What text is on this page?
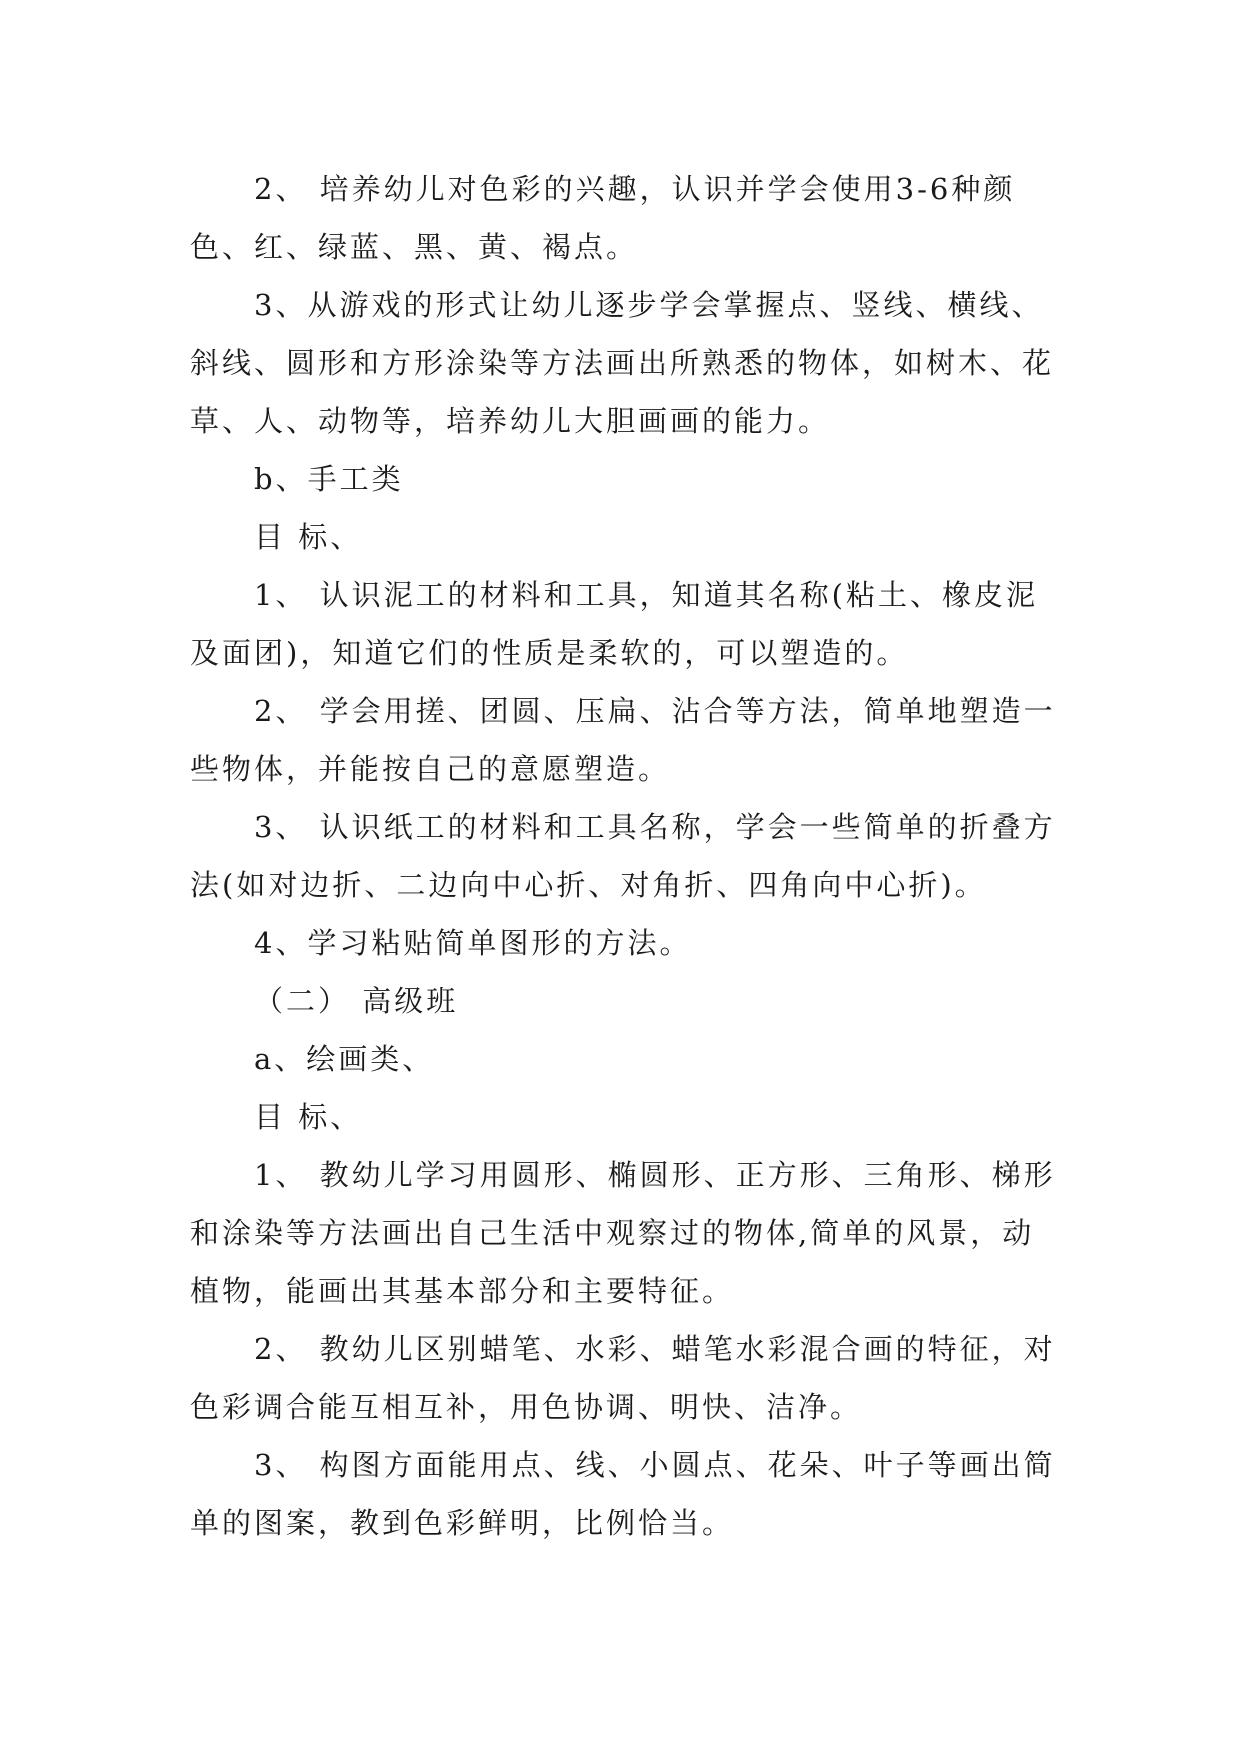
2、 培养幼儿对色彩的兴趣，认识并学会使用3-6种颜色、红、绿蓝、黑、黄、褐点。

3、从游戏的形式让幼儿逐步学会掌握点、竖线、横线、斜线、圆形和方形涂染等方法画出所熟悉的物体，如树木、花草、人、动物等，培养幼儿大胆画画的能力。

b、手工类

目 标、

1、 认识泥工的材料和工具，知道其名称(粘土、橡皮泥及面团)，知道它们的性质是柔软的，可以塑造的。

2、 学会用搓、团圆、压扁、沾合等方法，简单地塑造一些物体，并能按自己的意愿塑造。

3、 认识纸工的材料和工具名称，学会一些简单的折叠方法(如对边折、二边向中心折、对角折、四角向中心折)。

4、学习粘贴简单图形的方法。

（二） 高级班

a、绘画类、

目 标、

1、 教幼儿学习用圆形、椭圆形、正方形、三角形、梯形和涂染等方法画出自己生活中观察过的物体,简单的风景，动植物，能画出其基本部分和主要特征。

2、 教幼儿区别蜡笔、水彩、蜡笔水彩混合画的特征，对色彩调合能互相互补，用色协调、明快、洁净。

3、 构图方面能用点、线、小圆点、花朵、叶子等画出简单的图案，教到色彩鲜明，比例恰当。
